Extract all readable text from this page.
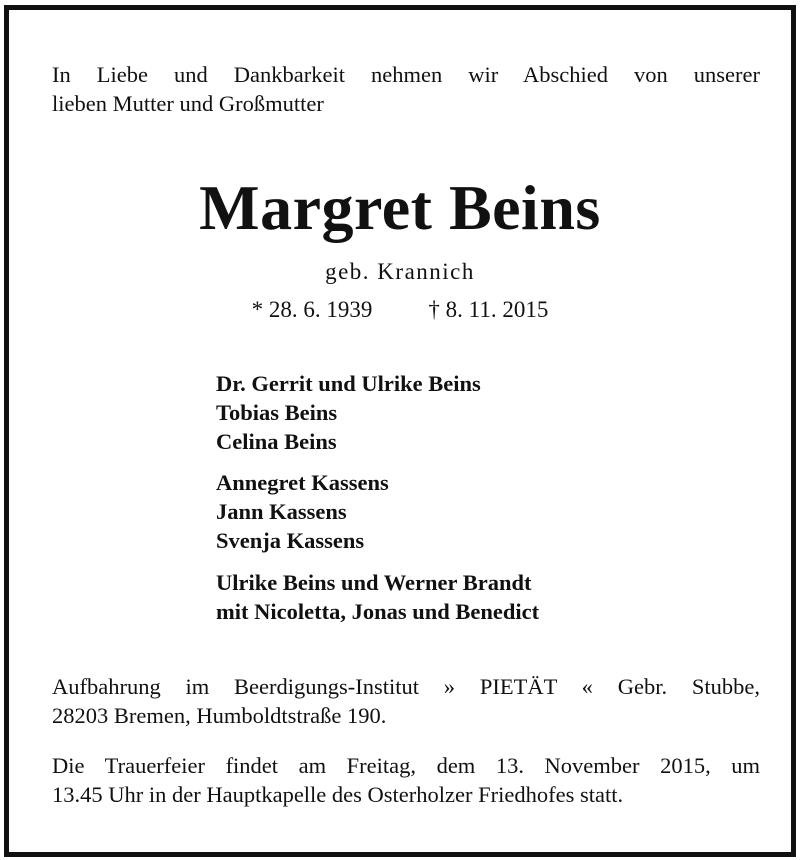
In Liebe und Dankbarkeit nehmen wir Abschied von unserer
lieben Mutter und Großmutter
Margret Beins
geb. Krannich
* 28. 6. 1939 † 8. 11. 2015
Dr. Gerrit und Ulrike Beins
Tobias Beins
Celina Beins
Annegret Kassens
Jann Kassens
Svenja Kassens
Ulrike Beins und Werner Brandt
mit Nicoletta, Jonas und Benedict
Aufbahrung im Beerdigungs-Institut » PIETÄT « Gebr. Stubbe,
28203 Bremen, Humboldtstraße 190.
Die Trauerfeier findet am Freitag, dem 13. November 2015, um
13.45 Uhr in der Hauptkapelle des Osterholzer Friedhofes statt.
